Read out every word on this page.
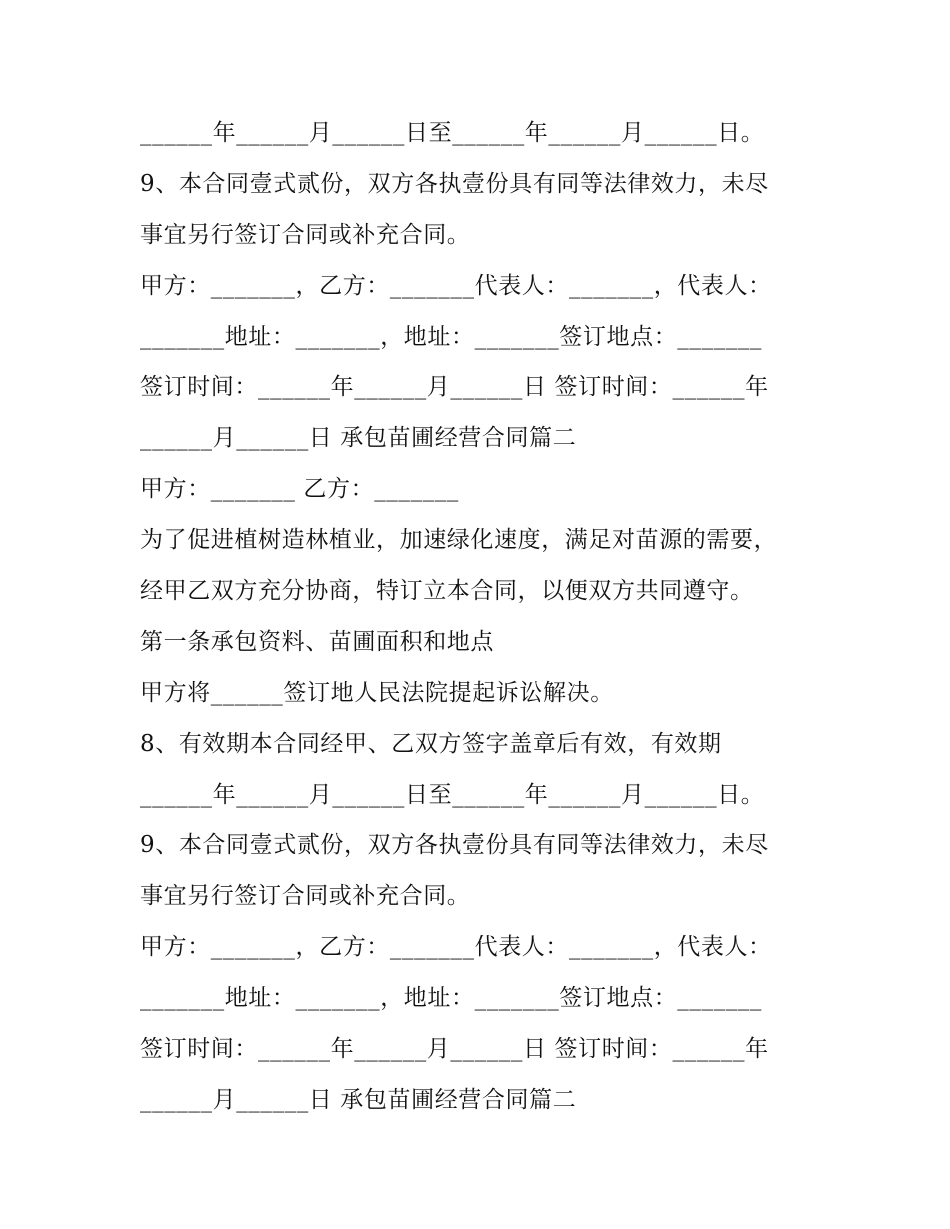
______年______月______日至______年______月______日。
9、本合同壹式贰份，双方各执壹份具有同等法律效力，未尽
事宜另行签订合同或补充合同。
甲方：_______，乙方：_______代表人：_______，代表人：
_______地址：_______，地址：_______签订地点：_______
签订时间：______年______月______日 签订时间：______年
______月______日 承包苗圃经营合同篇二
甲方：_______ 乙方：_______
为了促进植树造林植业，加速绿化速度，满足对苗源的需要，
经甲乙双方充分协商，特订立本合同，以便双方共同遵守。
第一条承包资料、苗圃面积和地点
甲方将______签订地人民法院提起诉讼解决。
8、有效期本合同经甲、乙双方签字盖章后有效，有效期
______年______月______日至______年______月______日。
9、本合同壹式贰份，双方各执壹份具有同等法律效力，未尽
事宜另行签订合同或补充合同。
甲方：_______，乙方：_______代表人：_______，代表人：
_______地址：_______，地址：_______签订地点：_______
签订时间：______年______月______日 签订时间：______年
______月______日 承包苗圃经营合同篇二
